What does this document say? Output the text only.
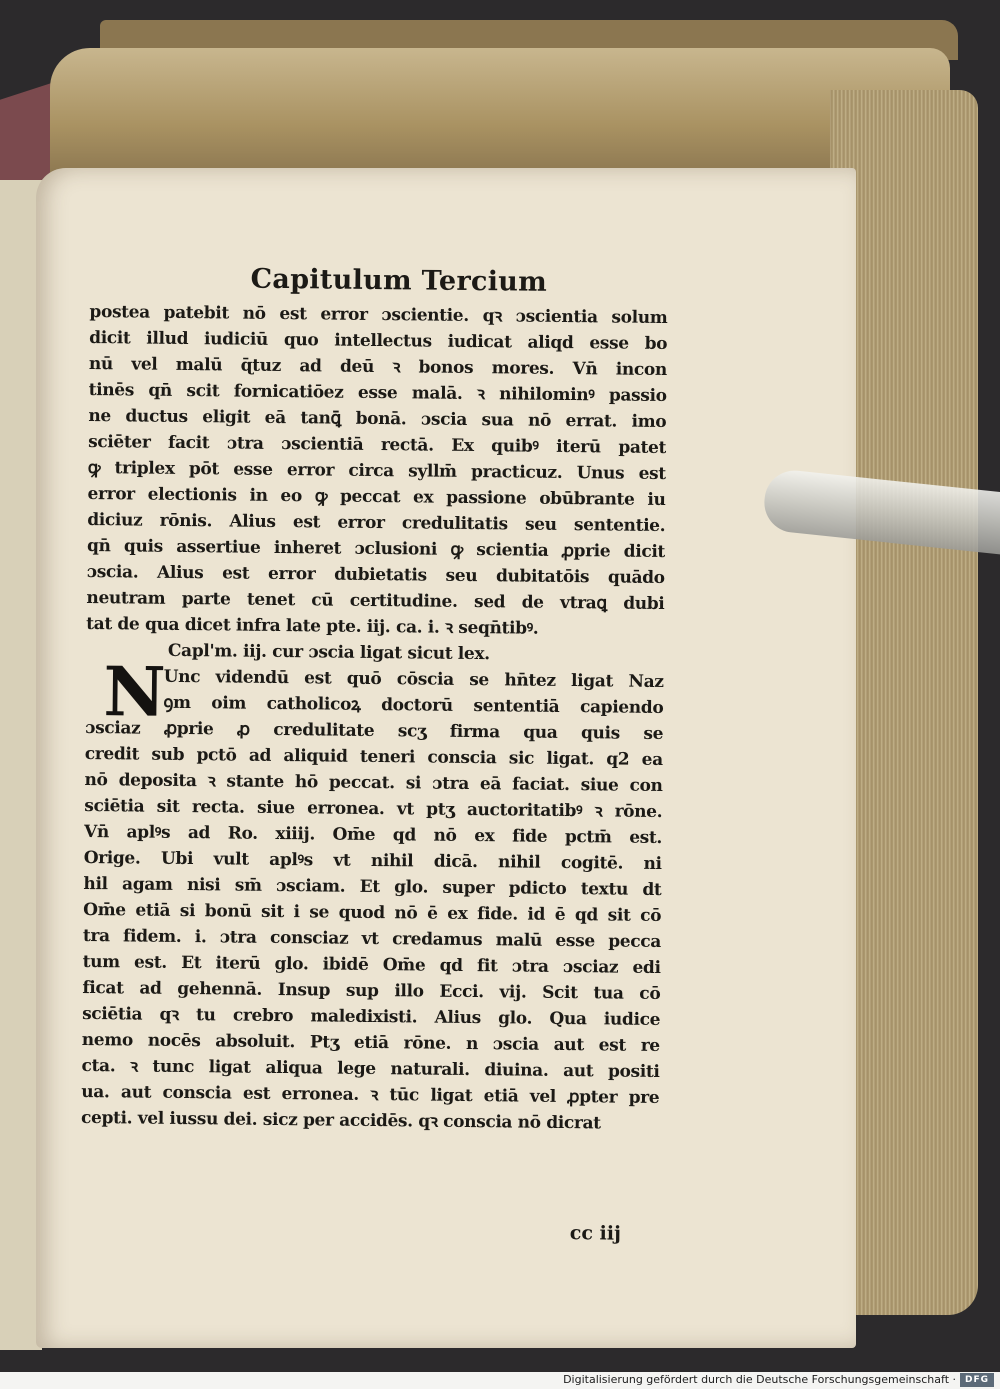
Capitulum Tercium
postea patebit nō est error ɔscientie. qꝛ ɔscientia solum
dicit illud iudiciū quo intellectus iudicat aliqd esse bo
nū vel malū ɋ̄tuz ad deū ꝛ bonos mores. Vn̄ incon
tinēs qn̄ scit fornicatiōez esse malā. ꝛ nihilominꝰ passio
ne ductus eligit eā tanꝗ̄ bonā. ɔscia sua nō errat. imo
sciēter facit ɔtra ɔscientiā rectā. Ex quibꝰ iterū patet
ꝙ triplex pōt esse error circa syllm̄ practicuz. Unus est
error electionis in eo ꝙ peccat ex passione obūbrante iu
diciuz rōnis. Alius est error credulitatis seu sententie.
qn̄ quis assertiue inheret ɔclusioni ꝙ scientia ꝓprie dicit
ɔscia. Alius est error dubietatis seu dubitatōis quādo
neutram parte tenet cū certitudine. sed de vtraꝗ dubi
tat de qua dicet infra late pte. iij. ca. i. ꝛ seqn̄tibꝰ.
Capl'm. iij. cur ɔscia ligat sicut lex.
Unc videndū est quō cōscia se hn̄tez ligat Naz
ꝯm oim catholicoꝝ doctorū sententiā capiendo
ɔsciaz ꝓprie ꝓ credulitate scʒ firma qua quis se
credit sub pctō ad aliquid teneri conscia sic ligat. q2 ea
nō deposita ꝛ stante hō peccat. si ɔtra eā faciat. siue con
sciētia sit recta. siue erronea. vt ptʒ auctoritatibꝰ ꝛ rōne.
Vn̄ aplꝰs ad Ro. xiiij. Om̄e qd nō ex fide pctm̄ est.
Orige. Ubi vult aplꝰs vt nihil dicā. nihil cogitē. ni
hil agam nisi sm̄ ɔsciam. Et glo. super pdicto textu dt
Om̄e etiā si bonū sit i se quod nō ē ex fide. id ē qd sit cō
tra fidem. i. ɔtra consciaz vt credamus malū esse pecca
tum est. Et iterū glo. ibidē Om̄e qd fit ɔtra ɔsciaz edi
ficat ad gehennā. Insup sup illo Ecci. vij. Scit tua cō
sciētia qꝛ tu crebro maledixisti. Alius glo. Qua iudice
nemo nocēs absoluit. Ptʒ etiā rōne. n ɔscia aut est re
cta. ꝛ tunc ligat aliqua lege naturali. diuina. aut positi
ua. aut conscia est erronea. ꝛ tūc ligat etiā vel ꝓpter pre
cepti. vel iussu dei. sicz per accidēs. qꝛ conscia nō dicrat
N
cc iij
Digitalisierung gefördert durch die Deutsche Forschungsgemeinschaft · DFG
